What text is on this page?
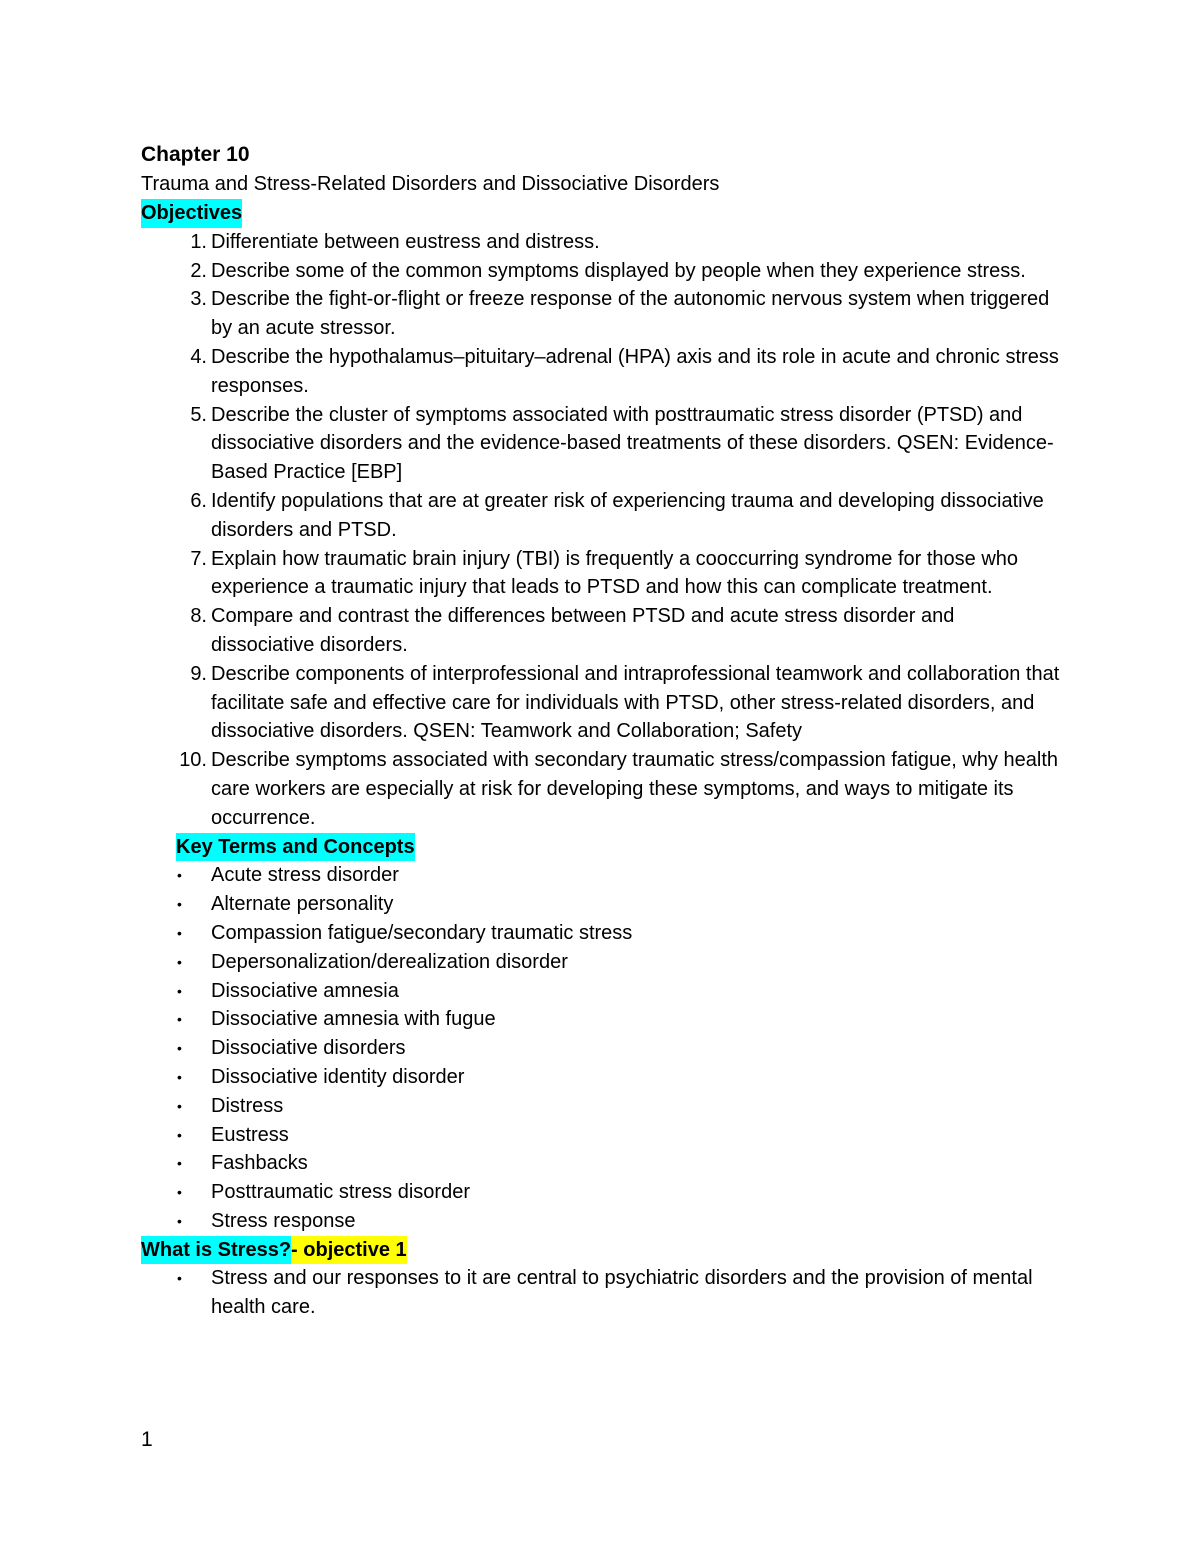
Chapter 10

Trauma and Stress-Related Disorders and Dissociative Disorders

Objectives

1. Differentiate between eustress and distress.
2. Describe some of the common symptoms displayed by people when they experience stress.
3. Describe the fight-or-flight or freeze response of the autonomic nervous system when triggered by an acute stressor.
4. Describe the hypothalamus–pituitary–adrenal (HPA) axis and its role in acute and chronic stress responses.
5. Describe the cluster of symptoms associated with posttraumatic stress disorder (PTSD) and dissociative disorders and the evidence-based treatments of these disorders. QSEN: Evidence-Based Practice [EBP]
6. Identify populations that are at greater risk of experiencing trauma and developing dissociative disorders and PTSD.
7. Explain how traumatic brain injury (TBI) is frequently a cooccurring syndrome for those who experience a traumatic injury that leads to PTSD and how this can complicate treatment.
8. Compare and contrast the differences between PTSD and acute stress disorder and dissociative disorders.
9. Describe components of interprofessional and intraprofessional teamwork and collaboration that facilitate safe and effective care for individuals with PTSD, other stress-related disorders, and dissociative disorders. QSEN: Teamwork and Collaboration; Safety
10. Describe symptoms associated with secondary traumatic stress/compassion fatigue, why health care workers are especially at risk for developing these symptoms, and ways to mitigate its occurrence.

Key Terms and Concepts

•	Acute stress disorder
•	Alternate personality
•	Compassion fatigue/secondary traumatic stress
•	Depersonalization/derealization disorder
•	Dissociative amnesia
•	Dissociative amnesia with fugue
•	Dissociative disorders
•	Dissociative identity disorder
•	Distress
•	Eustress
•	Fashbacks
•	Posttraumatic stress disorder
•	Stress response

What is Stress?- objective 1

•	Stress and our responses to it are central to psychiatric disorders and the provision of mental health care.
1
